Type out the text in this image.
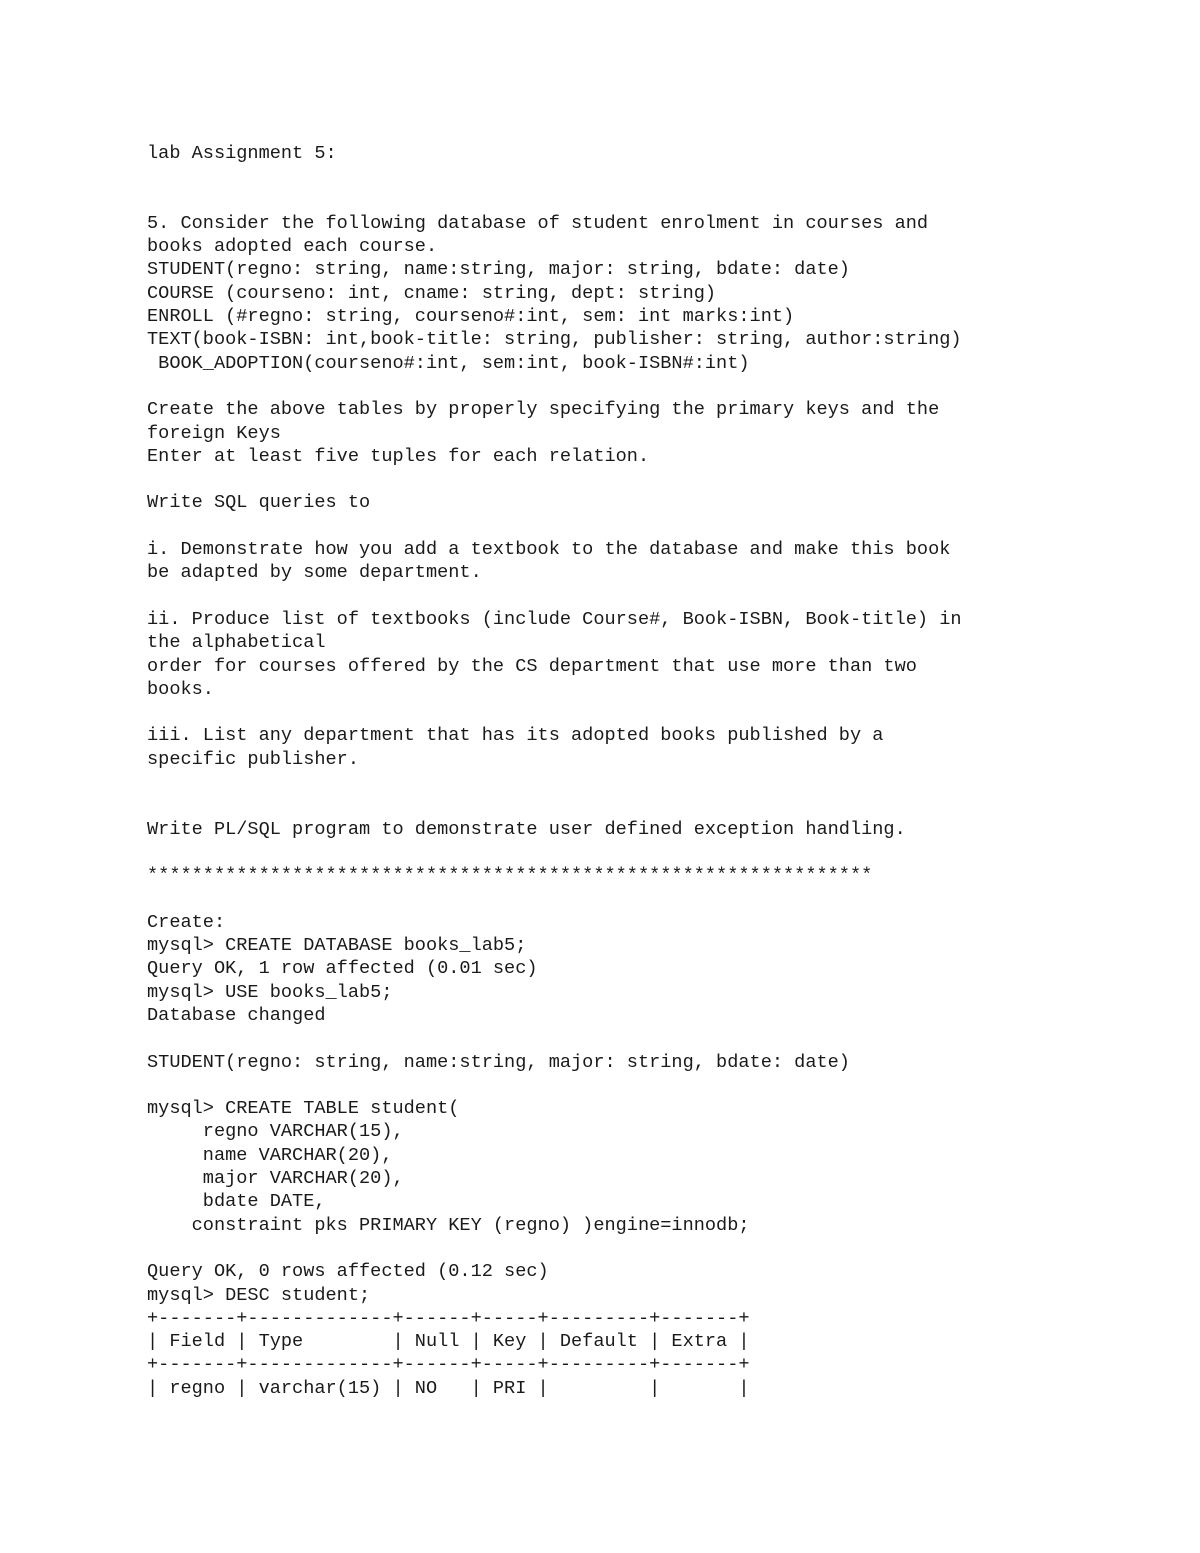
lab Assignment 5:
5. Consider the following database of student enrolment in courses and
books adopted each course.
STUDENT(regno: string, name:string, major: string, bdate: date)
COURSE (courseno: int, cname: string, dept: string)
ENROLL (#regno: string, courseno#:int, sem: int marks:int)
TEXT(book-ISBN: int,book-title: string, publisher: string, author:string)
BOOK_ADOPTION(courseno#:int, sem:int, book-ISBN#:int)
Create the above tables by properly specifying the primary keys and the
foreign Keys
Enter at least five tuples for each relation.
Write SQL queries to
i. Demonstrate how you add a textbook to the database and make this book
be adapted by some department.
ii. Produce list of textbooks (include Course#, Book-ISBN, Book-title) in
the alphabetical
order for courses offered by the CS department that use more than two
books.
iii. List any department that has its adopted books published by a
specific publisher.
Write PL/SQL program to demonstrate user defined exception handling.
*****************************************************************
Create:
mysql> CREATE DATABASE books_lab5;
Query OK, 1 row affected (0.01 sec)
mysql> USE books_lab5;
Database changed
STUDENT(regno: string, name:string, major: string, bdate: date)
mysql> CREATE TABLE student(
regno VARCHAR(15),
name VARCHAR(20),
major VARCHAR(20),
bdate DATE,
constraint pks PRIMARY KEY (regno) )engine=innodb;
Query OK, 0 rows affected (0.12 sec)
mysql> DESC student;
+-------+-------------+------+-----+---------+-------+
| Field | Type        | Null | Key | Default | Extra |
+-------+-------------+------+-----+---------+-------+
| regno | varchar(15) | NO   | PRI |         |       |
